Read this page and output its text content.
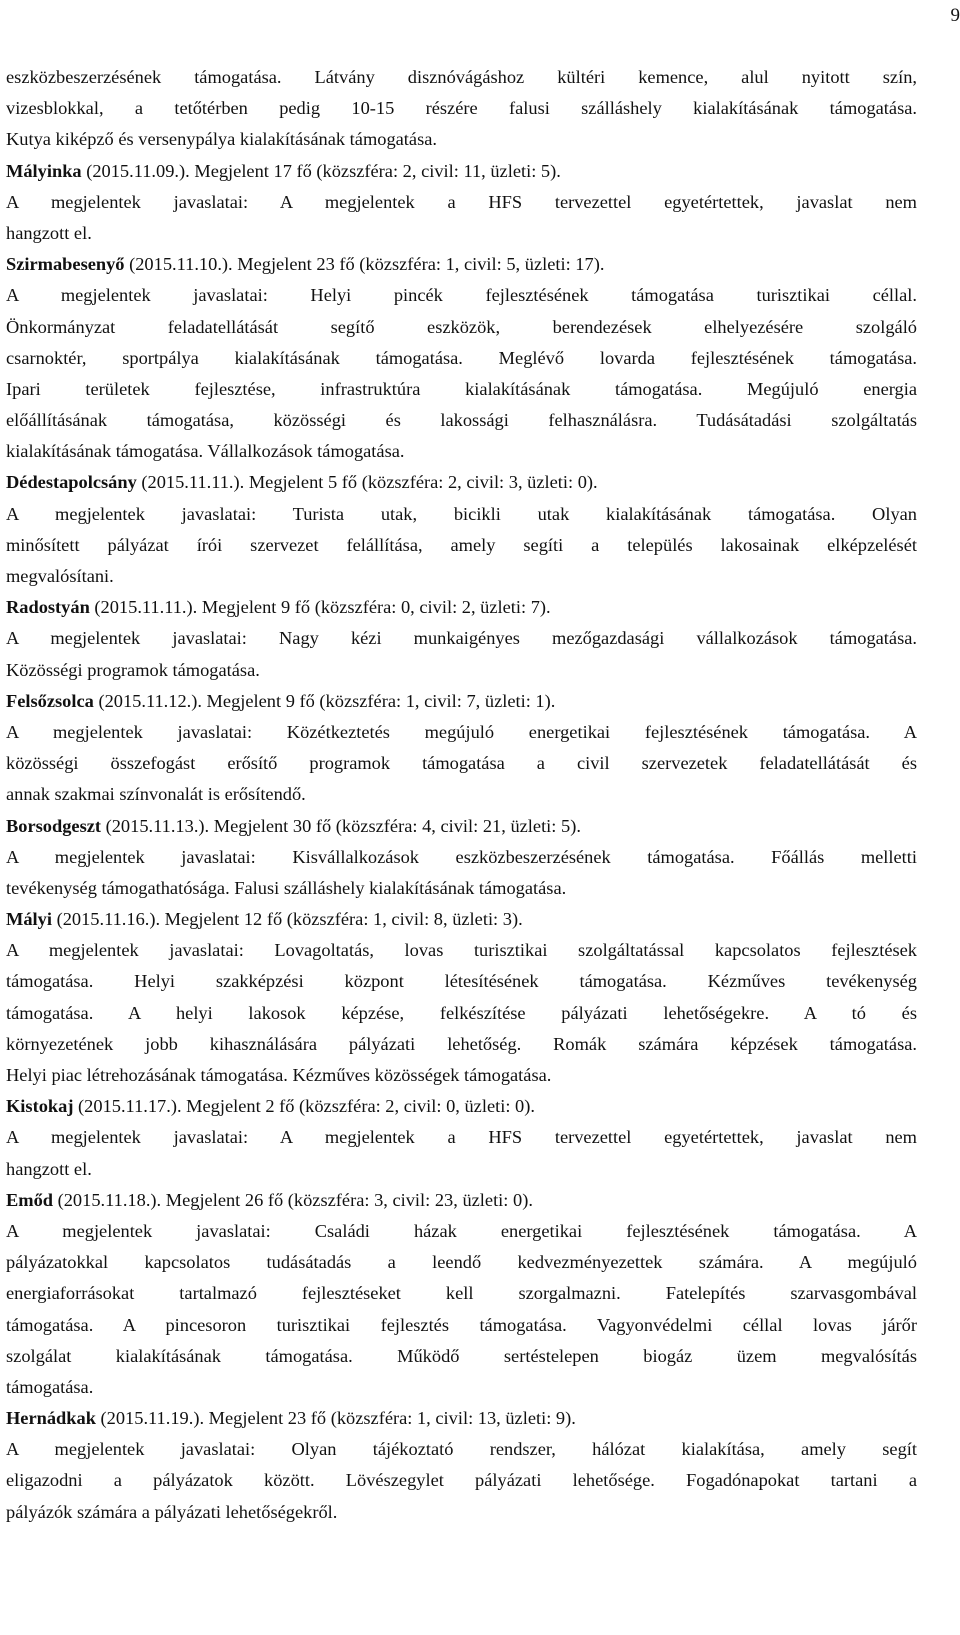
9
eszközbeszerzésének támogatása. Látvány disznóvágáshoz kültéri kemence, alul nyitott szín,
vizesblokkal, a tetőtérben pedig 10-15 részére falusi szálláshely kialakításának támogatása.
Kutya kiképző és versenypálya kialakításának támogatása.
Mályinka (2015.11.09.). Megjelent 17 fő (közszféra: 2, civil: 11, üzleti: 5).
A megjelentek javaslatai: A megjelentek a HFS tervezettel egyetértettek, javaslat nem
hangzott el.
Szirmabesenyő (2015.11.10.). Megjelent 23 fő (közszféra: 1, civil: 5, üzleti: 17).
A megjelentek javaslatai: Helyi pincék fejlesztésének támogatása turisztikai céllal.
Önkormányzat feladatellátását segítő eszközök, berendezések elhelyezésére szolgáló
csarnoktér, sportpálya kialakításának támogatása. Meglévő lovarda fejlesztésének támogatása.
Ipari területek fejlesztése, infrastruktúra kialakításának támogatása. Megújuló energia
előállításának támogatása, közösségi és lakossági felhasználásra. Tudásátadási szolgáltatás
kialakításának támogatása. Vállalkozások támogatása.
Dédestapolcsány (2015.11.11.). Megjelent 5 fő (közszféra: 2, civil: 3, üzleti: 0).
A megjelentek javaslatai: Turista utak, bicikli utak kialakításának támogatása. Olyan
minősített pályázat írói szervezet felállítása, amely segíti a település lakosainak elképzelését
megvalósítani.
Radostyán (2015.11.11.). Megjelent 9 fő (közszféra: 0, civil: 2, üzleti: 7).
A megjelentek javaslatai: Nagy kézi munkaigényes mezőgazdasági vállalkozások támogatása.
Közösségi programok támogatása.
Felsőzsolca (2015.11.12.). Megjelent 9 fő (közszféra: 1, civil: 7, üzleti: 1).
A megjelentek javaslatai: Közétkeztetés megújuló energetikai fejlesztésének támogatása. A
közösségi összefogást erősítő programok támogatása a civil szervezetek feladatellátását és
annak szakmai színvonalát is erősítendő.
Borsodgeszt (2015.11.13.). Megjelent 30 fő (közszféra: 4, civil: 21, üzleti: 5).
A megjelentek javaslatai: Kisvállalkozások eszközbeszerzésének támogatása. Főállás melletti
tevékenység támogathatósága. Falusi szálláshely kialakításának támogatása.
Mályi (2015.11.16.). Megjelent 12 fő (közszféra: 1, civil: 8, üzleti: 3).
A megjelentek javaslatai: Lovagoltatás, lovas turisztikai szolgáltatással kapcsolatos fejlesztések
támogatása. Helyi szakképzési központ létesítésének támogatása. Kézműves tevékenység
támogatása. A helyi lakosok képzése, felkészítése pályázati lehetőségekre. A tó és
környezetének jobb kihasználására pályázati lehetőség. Romák számára képzések támogatása.
Helyi piac létrehozásának támogatása. Kézműves közösségek támogatása.
Kistokaj (2015.11.17.). Megjelent 2 fő (közszféra: 2, civil: 0, üzleti: 0).
A megjelentek javaslatai: A megjelentek a HFS tervezettel egyetértettek, javaslat nem
hangzott el.
Emőd (2015.11.18.). Megjelent 26 fő (közszféra: 3, civil: 23, üzleti: 0).
A megjelentek javaslatai: Családi házak energetikai fejlesztésének támogatása. A
pályázatokkal kapcsolatos tudásátadás a leendő kedvezményezettek számára. A megújuló
energiaforrásokat tartalmazó fejlesztéseket kell szorgalmazni. Fatelepítés szarvasgombával
támogatása. A pincesoron turisztikai fejlesztés támogatása. Vagyonvédelmi céllal lovas járőr
szolgálat kialakításának támogatása. Működő sertéstelepen biogáz üzem megvalósítás
támogatása.
Hernádkak (2015.11.19.). Megjelent 23 fő (közszféra: 1, civil: 13, üzleti: 9).
A megjelentek javaslatai: Olyan tájékoztató rendszer, hálózat kialakítása, amely segít
eligazodni a pályázatok között. Lövészegylet pályázati lehetősége. Fogadónapokat tartani a
pályázók számára a pályázati lehetőségekről.
